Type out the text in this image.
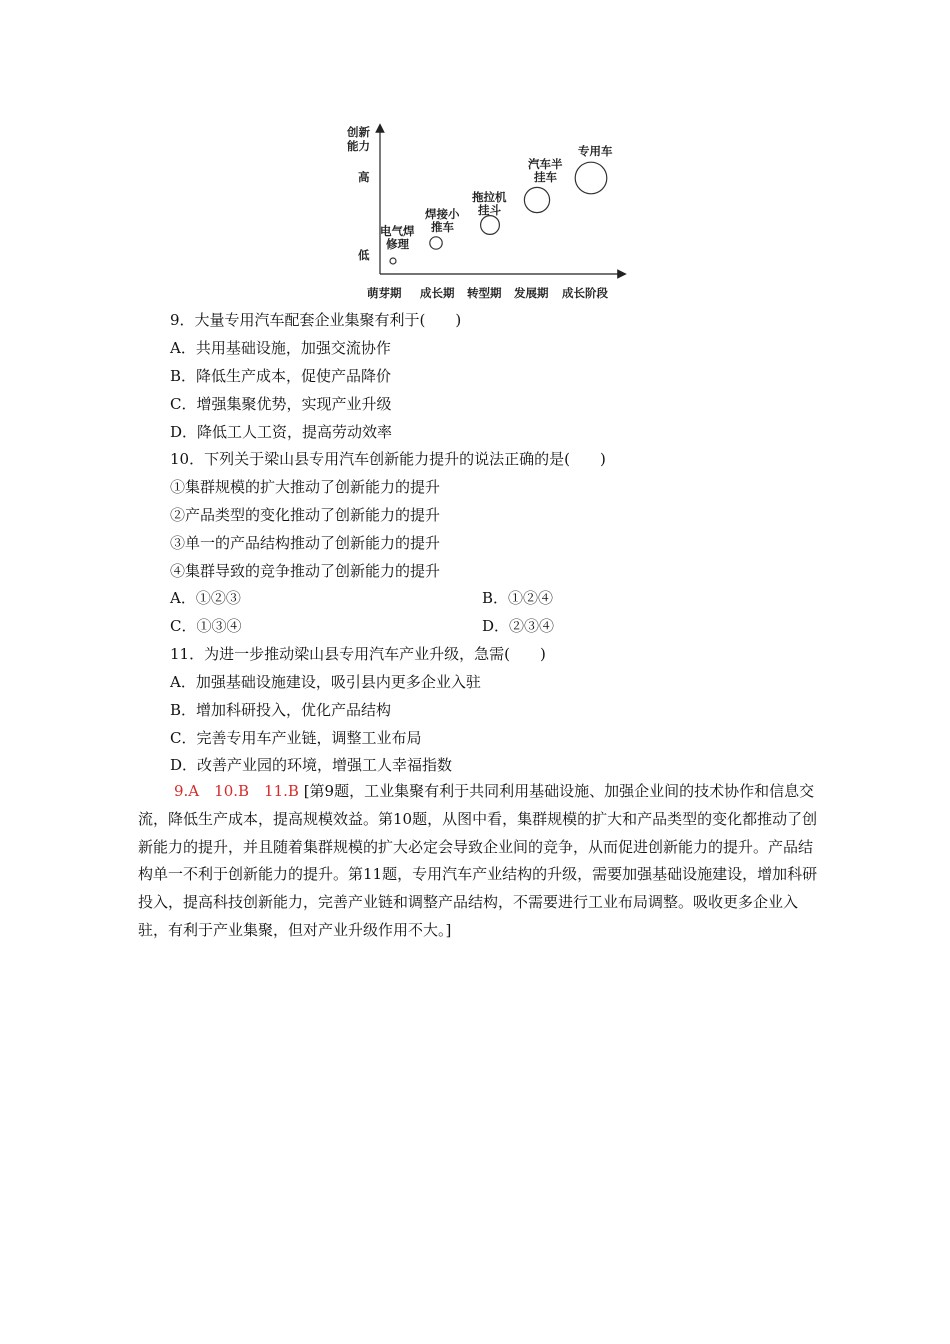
创新
能力
高
低
萌芽期 成长期 转型期 发展期 成长阶段
电气焊
修理
焊接小
推车
拖拉机
挂斗
汽车半
挂车
专用车
9．大量专用汽车配套企业集聚有利于(　　)
A．共用基础设施，加强交流协作
B．降低生产成本，促使产品降价
C．增强集聚优势，实现产业升级
D．降低工人工资，提高劳动效率
10．下列关于梁山县专用汽车创新能力提升的说法正确的是(　　)
①集群规模的扩大推动了创新能力的提升
②产品类型的变化推动了创新能力的提升
③单一的产品结构推动了创新能力的提升
④集群导致的竞争推动了创新能力的提升
A．①②③	B．①②④
C．①③④	D．②③④
11．为进一步推动梁山县专用汽车产业升级，急需(　　)
A．加强基础设施建设，吸引县内更多企业入驻
B．增加科研投入，优化产品结构
C．完善专用车产业链，调整工业布局
D．改善产业园的环境，增强工人幸福指数
9.A　10.B　11.B [第9题，工业集聚有利于共同利用基础设施、加强企业间的技术协作和信息交流，降低生产成本，提高规模效益。第10题，从图中看，集群规模的扩大和产品类型的变化都推动了创新能力的提升，并且随着集群规模的扩大必定会导致企业间的竞争，从而促进创新能力的提升。产品结构单一不利于创新能力的提升。第11题，专用汽车产业结构的升级，需要加强基础设施建设，增加科研投入，提高科技创新能力，完善产业链和调整产品结构，不需要进行工业布局调整。吸收更多企业入驻，有利于产业集聚，但对产业升级作用不大。]
